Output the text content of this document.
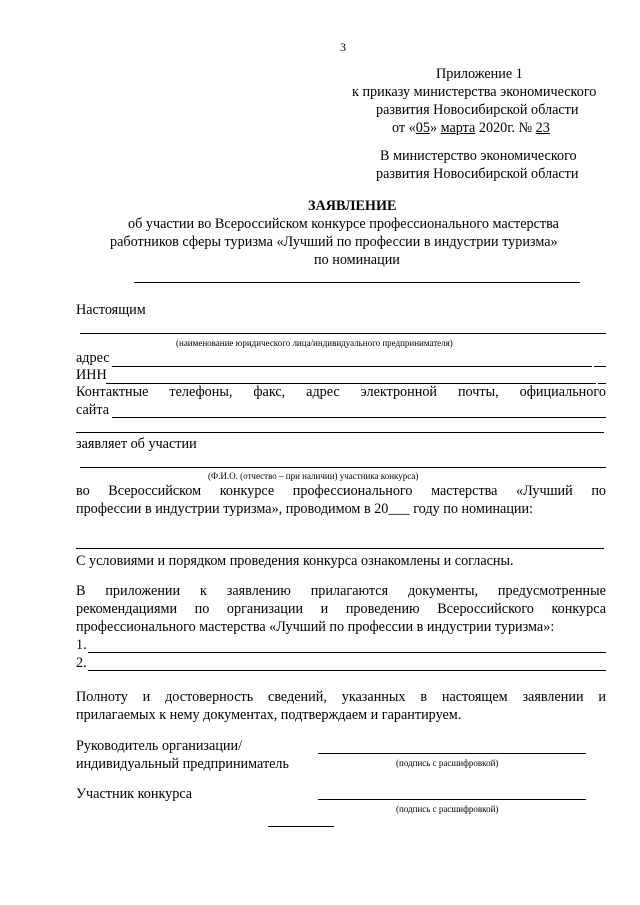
3
Приложение 1
к приказу министерства экономического
развития Новосибирской области
от «05» марта 2020г. № 23
В министерство экономического
развития Новосибирской области
ЗАЯВЛЕНИЕ
об участии во Всероссийском конкурсе профессионального мастерства
работников сферы туризма «Лучший по профессии в индустрии туризма»
по номинации
Настоящим
(наименование юридического лица/индивидуального предпринимателя)
адрес
ИНН
Контактные телефоны, факс, адрес электронной почты, официального
сайта
заявляет об участии
(Ф.И.О. (отчество – при наличии) участника конкурса)
во Всероссийском конкурсе профессионального мастерства «Лучший по
профессии в индустрии туризма», проводимом в 20___ году по номинации:
С условиями и порядком проведения конкурса ознакомлены и согласны.
В приложении к заявлению прилагаются документы, предусмотренные
рекомендациями по организации и проведению Всероссийского конкурса
профессионального мастерства «Лучший по профессии в индустрии туризма»:
1.
2.
Полноту и достоверность сведений, указанных в настоящем заявлении и
прилагаемых к нему документах, подтверждаем и гарантируем.
Руководитель организации/
индивидуальный предприниматель	(подпись с расшифровкой)
Участник конкурса
(подпись с расшифровкой)
